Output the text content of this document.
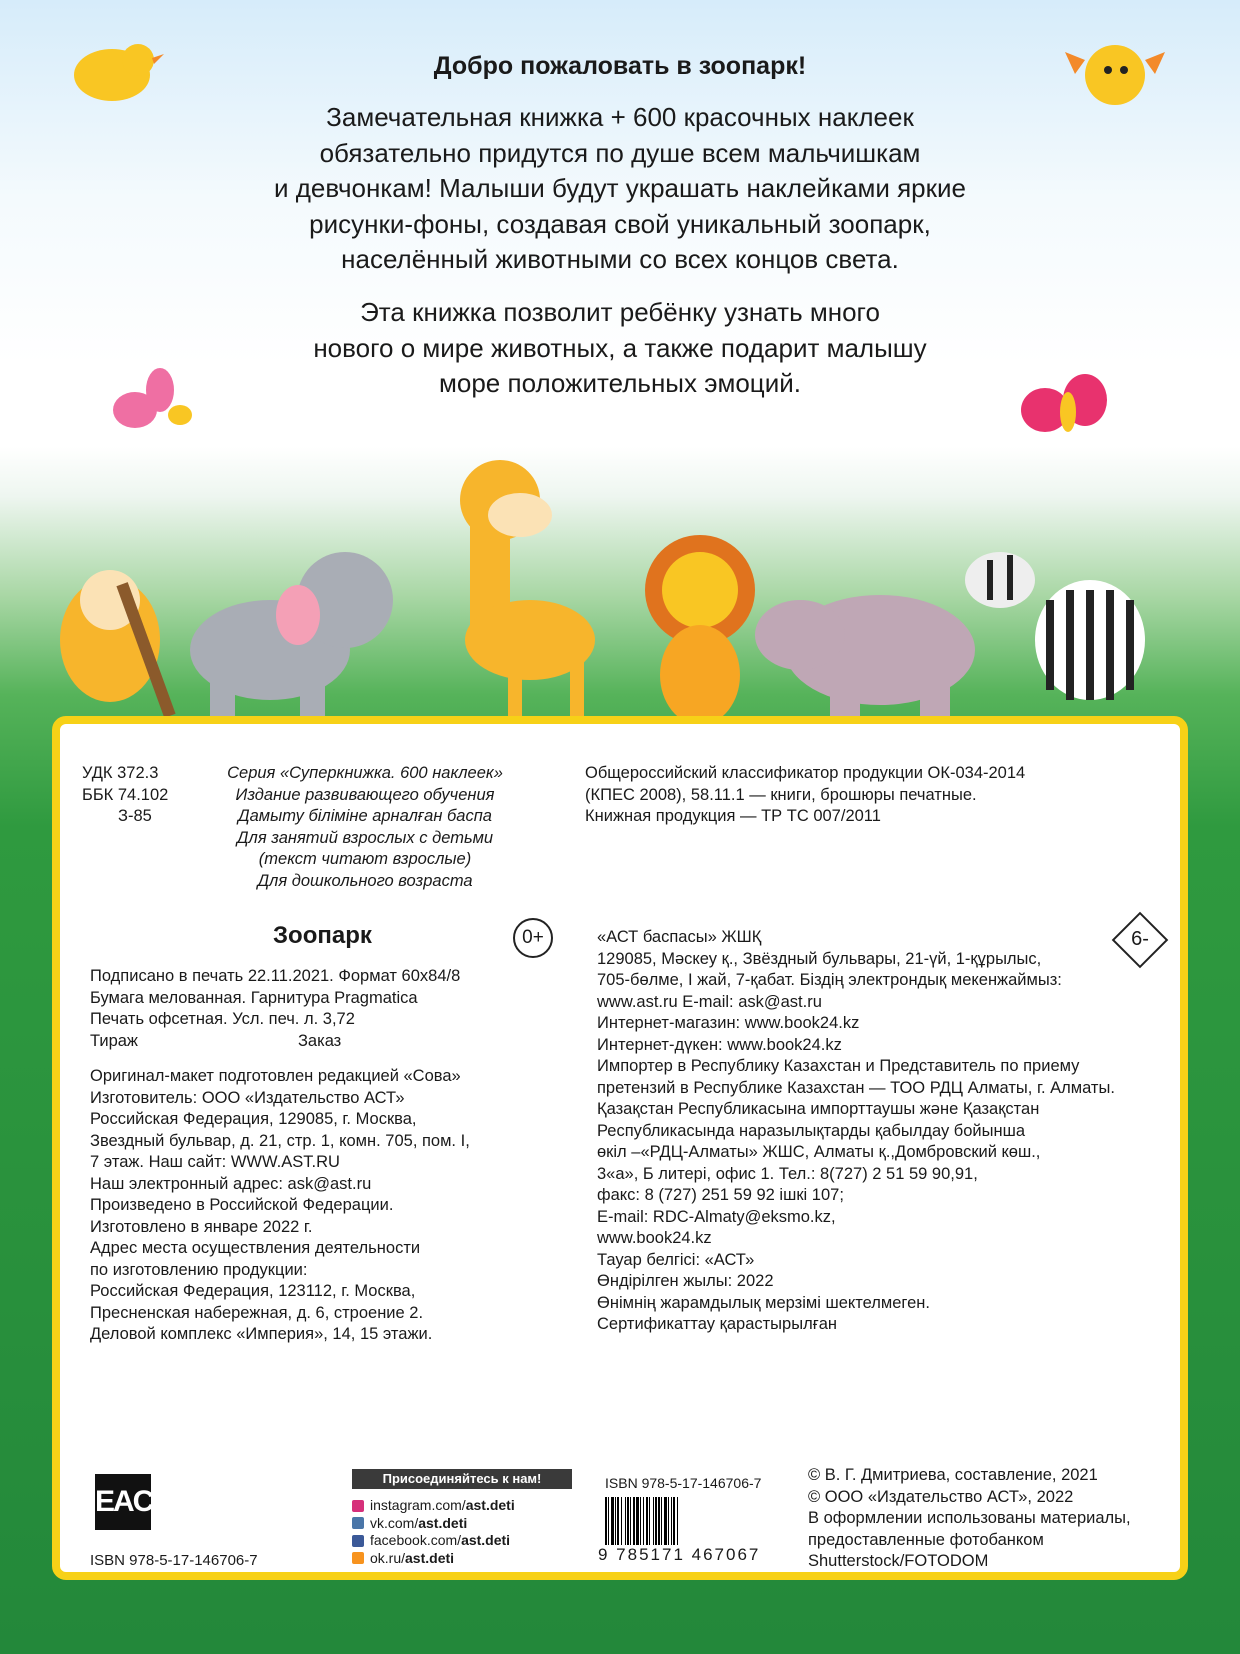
Добро пожаловать в зоопарк!
Замечательная книжка + 600 красочных наклеек
обязательно придутся по душе всем мальчишкам
и девчонкам! Малыши будут украшать наклейками яркие
рисунки-фоны, создавая свой уникальный зоопарк,
населённый животными со всех концов света.
Эта книжка позволит ребёнку узнать много
нового о мире животных, а также подарит малышу
море положительных эмоций.
УДК 372.3
ББК 74.102
З-85
Серия «Суперкнижка. 600 наклеек»
Издание развивающего обучения
Дамыту біліміне арналған баспа
Для занятий взрослых с детьми
(текст читают взрослые)
Для дошкольного возраста
Общероссийский классификатор продукции ОК-034-2014
(КПЕС 2008), 58.11.1 — книги, брошюры печатные.
Книжная продукция — ТР ТС 007/2011
Зоопарк	0+	6-
Подписано в печать 22.11.2021. Формат 60x84/8
Бумага мелованная. Гарнитура Pragmatica
Печать офсетная. Усл. печ. л. 3,72
Тираж	Заказ
Оригинал-макет подготовлен редакцией «Сова»
Изготовитель: ООО «Издательство АСТ»
Российская Федерация, 129085, г. Москва,
Звездный бульвар, д. 21, стр. 1, комн. 705, пом. I,
7 этаж. Наш сайт: WWW.AST.RU
Наш электронный адрес: ask@ast.ru
Произведено в Российской Федерации.
Изготовлено в январе 2022 г.
Адрес места осуществления деятельности
по изготовлению продукции:
Российская Федерация, 123112, г. Москва,
Пресненская набережная, д. 6, строение 2.
Деловой комплекс «Империя», 14, 15 этажи.
«АСТ баспасы» ЖШҚ
129085, Мәскеу қ., Звёздный бульвары, 21-үй, 1-құрылыс,
705-бөлме, I жай, 7-қабат. Біздің электрондық мекенжаймыз:
www.ast.ru E-mail: ask@ast.ru
Интернет-магазин: www.book24.kz
Интернет-дүкен: www.book24.kz
Импортер в Республику Казахстан и Представитель по приему
претензий в Республике Казахстан — ТОО РДЦ Алматы, г. Алматы.
Қазақстан Республикасына импорттаушы және Қазақстан
Республикасында наразылықтарды қабылдау бойынша
өкіл –«РДЦ-Алматы» ЖШС, Алматы қ.,Домбровский көш.,
3«а», Б литері, офис 1. Тел.: 8(727) 2 51 59 90,91,
факс: 8 (727) 251 59 92 ішкі 107;
E-mail: RDC-Almaty@eksmo.kz,
www.book24.kz
Тауар белгісі: «АСТ»
Өндірілген жылы: 2022
Өнімнің жарамдылық мерзімі шектелмеген.
Сертификаттау қарастырылған
EAC
ISBN 978-5-17-146706-7
Присоединяйтесь к нам!
instagram.com/ast.deti
vk.com/ast.deti
facebook.com/ast.deti
ok.ru/ast.deti
ISBN 978-5-17-146706-7
9 785171 467067
© В. Г. Дмитриева, составление, 2021
© ООО «Издательство АСТ», 2022
В оформлении использованы материалы,
предоставленные фотобанком
Shutterstock/FOTODOM
